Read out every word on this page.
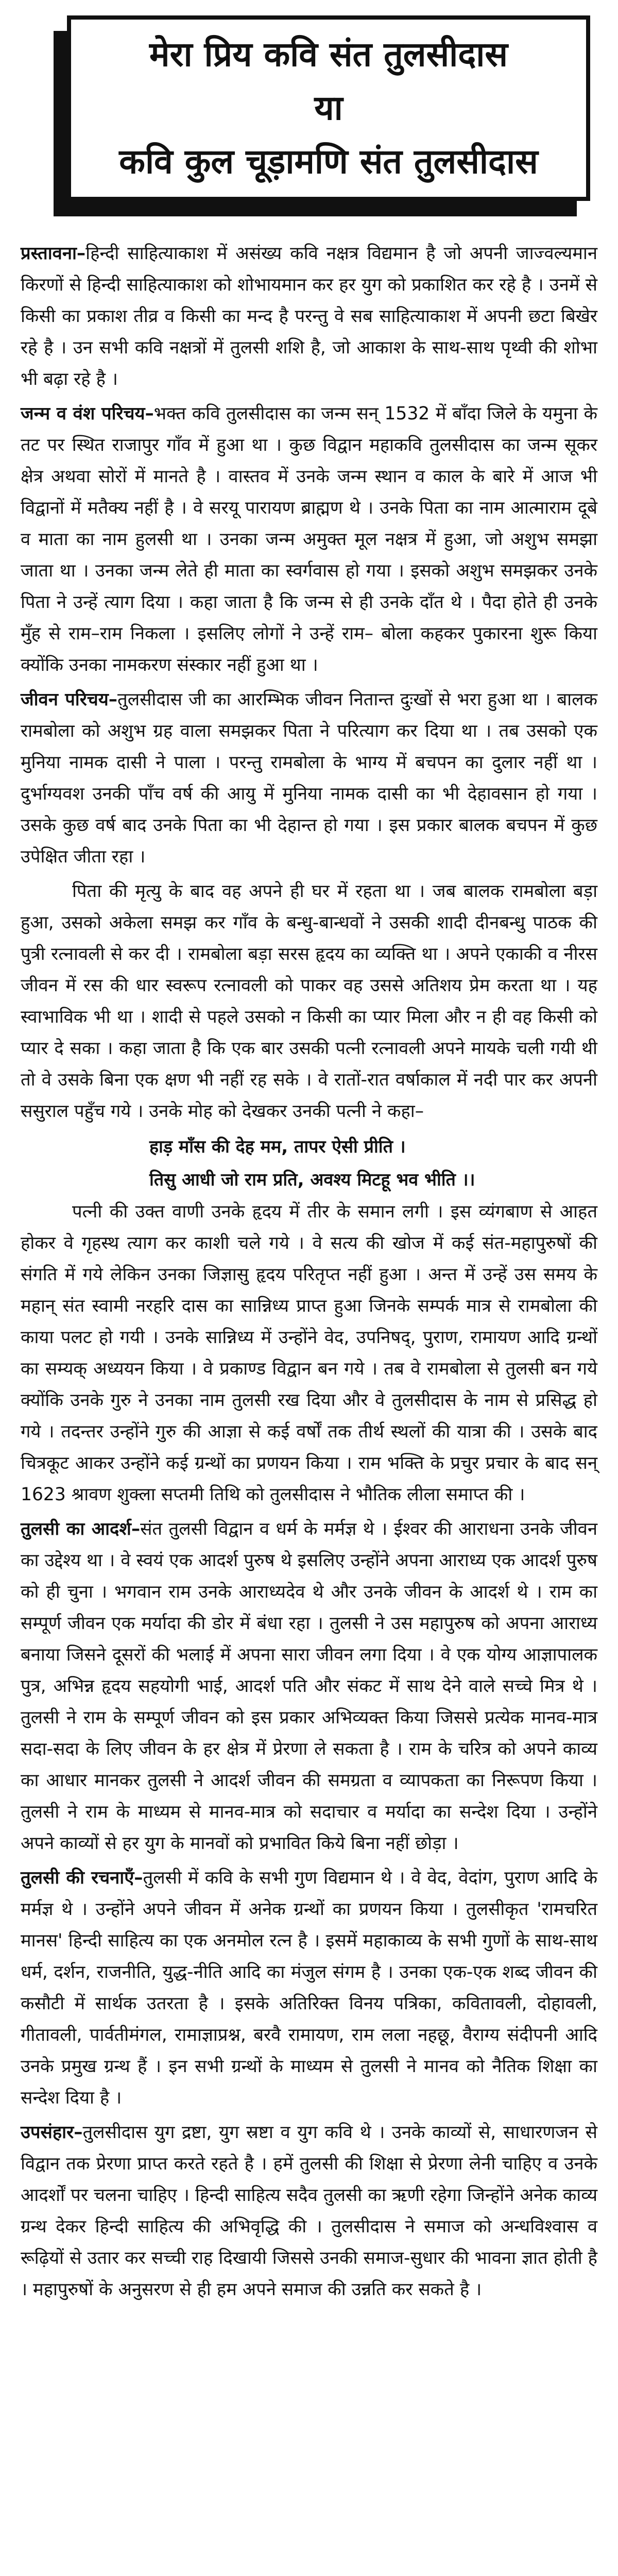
मेरा प्रिय कवि संत तुलसीदास
या
कवि कुल चूड़ामणि संत तुलसीदास

प्रस्तावना–हिन्दी साहित्याकाश में असंख्य कवि नक्षत्र विद्यमान है जो अपनी जाज्वल्यमान किरणों से हिन्दी साहित्याकाश को शोभायमान कर हर युग को प्रकाशित कर रहे है । उनमें से किसी का प्रकाश तीव्र व किसी का मन्द है परन्तु वे सब साहित्याकाश में अपनी छटा बिखेर रहे है । उन सभी कवि नक्षत्रों में तुलसी शशि है, जो आकाश के साथ-साथ पृथ्वी की शोभा भी बढ़ा रहे है ।

जन्म व वंश परिचय–भक्त कवि तुलसीदास का जन्म सन् 1532 में बाँदा जिले के यमुना के तट पर स्थित राजापुर गाँव में हुआ था । कुछ विद्वान महाकवि तुलसीदास का जन्म सूकर क्षेत्र अथवा सोरों में मानते है । वास्तव में उनके जन्म स्थान व काल के बारे में आज भी विद्वानों में मतैक्य नहीं है । वे सरयू पारायण ब्राह्मण थे । उनके पिता का नाम आत्माराम दूबे व माता का नाम हुलसी था । उनका जन्म अमुक्त मूल नक्षत्र में हुआ, जो अशुभ समझा जाता था । उनका जन्म लेते ही माता का स्वर्गवास हो गया । इसको अशुभ समझकर उनके पिता ने उन्हें त्याग दिया । कहा जाता है कि जन्म से ही उनके दाँत थे । पैदा होते ही उनके मुँह से राम–राम निकला । इसलिए लोगों ने उन्हें राम– बोला कहकर पुकारना शुरू किया क्योंकि उनका नामकरण संस्कार नहीं हुआ था ।

जीवन परिचय–तुलसीदास जी का आरम्भिक जीवन नितान्त दुःखों से भरा हुआ था । बालक रामबोला को अशुभ ग्रह वाला समझकर पिता ने परित्याग कर दिया था । तब उसको एक मुनिया नामक दासी ने पाला । परन्तु रामबोला के भाग्य में बचपन का दुलार नहीं था । दुर्भाग्यवश उनकी पाँच वर्ष की आयु में मुनिया नामक दासी का भी देहावसान हो गया । उसके कुछ वर्ष बाद उनके पिता का भी देहान्त हो गया । इस प्रकार बालक बचपन में कुछ उपेक्षित जीता रहा ।

पिता की मृत्यु के बाद वह अपने ही घर में रहता था । जब बालक रामबोला बड़ा हुआ, उसको अकेला समझ कर गाँव के बन्धु-बान्धवों ने उसकी शादी दीनबन्धु पाठक की पुत्री रत्नावली से कर दी । रामबोला बड़ा सरस हृदय का व्यक्ति था । अपने एकाकी व नीरस जीवन में रस की धार स्वरूप रत्नावली को पाकर वह उससे अतिशय प्रेम करता था । यह स्वाभाविक भी था । शादी से पहले उसको न किसी का प्यार मिला और न ही वह किसी को प्यार दे सका । कहा जाता है कि एक बार उसकी पत्नी रत्नावली अपने मायके चली गयी थी तो वे उसके बिना एक क्षण भी नहीं रह सके । वे रातों-रात वर्षाकाल में नदी पार कर अपनी ससुराल पहुँच गये । उनके मोह को देखकर उनकी पत्नी ने कहा–

हाड़ माँस की देह मम, तापर ऐसी प्रीति ।
तिसु आधी जो राम प्रति, अवश्य मिटहू भव भीति ।।

पत्नी की उक्त वाणी उनके हृदय में तीर के समान लगी । इस व्यंगबाण से आहत होकर वे गृहस्थ त्याग कर काशी चले गये । वे सत्य की खोज में कई संत-महापुरुषों की संगति में गये लेकिन उनका जिज्ञासु हृदय परितृप्त नहीं हुआ । अन्त में उन्हें उस समय के महान् संत स्वामी नरहरि दास का सान्निध्य प्राप्त हुआ जिनके सम्पर्क मात्र से रामबोला की काया पलट हो गयी । उनके सान्निध्य में उन्होंने वेद, उपनिषद्, पुराण, रामायण आदि ग्रन्थों का सम्यक् अध्ययन किया । वे प्रकाण्ड विद्वान बन गये । तब वे रामबोला से तुलसी बन गये क्योंकि उनके गुरु ने उनका नाम तुलसी रख दिया और वे तुलसीदास के नाम से प्रसिद्ध हो गये । तदन्तर उन्होंने गुरु की आज्ञा से कई वर्षों तक तीर्थ स्थलों की यात्रा की । उसके बाद चित्रकूट आकर उन्होंने कई ग्रन्थों का प्रणयन किया । राम भक्ति के प्रचुर प्रचार के बाद सन् 1623 श्रावण शुक्ला सप्तमी तिथि को तुलसीदास ने भौतिक लीला समाप्त की ।

तुलसी का आदर्श–संत तुलसी विद्वान व धर्म के मर्मज्ञ थे । ईश्वर की आराधना उनके जीवन का उद्देश्य था । वे स्वयं एक आदर्श पुरुष थे इसलिए उन्होंने अपना आराध्य एक आदर्श पुरुष को ही चुना । भगवान राम उनके आराध्यदेव थे और उनके जीवन के आदर्श थे । राम का सम्पूर्ण जीवन एक मर्यादा की डोर में बंधा रहा । तुलसी ने उस महापुरुष को अपना आराध्य बनाया जिसने दूसरों की भलाई में अपना सारा जीवन लगा दिया । वे एक योग्य आज्ञापालक पुत्र, अभिन्न हृदय सहयोगी भाई, आदर्श पति और संकट में साथ देने वाले सच्चे मित्र थे । तुलसी ने राम के सम्पूर्ण जीवन को इस प्रकार अभिव्यक्त किया जिससे प्रत्येक मानव-मात्र सदा-सदा के लिए जीवन के हर क्षेत्र में प्रेरणा ले सकता है । राम के चरित्र को अपने काव्य का आधार मानकर तुलसी ने आदर्श जीवन की समग्रता व व्यापकता का निरूपण किया । तुलसी ने राम के माध्यम से मानव-मात्र को सदाचार व मर्यादा का सन्देश दिया । उन्होंने अपने काव्यों से हर युग के मानवों को प्रभावित किये बिना नहीं छोड़ा ।

तुलसी की रचनाएँ–तुलसी में कवि के सभी गुण विद्यमान थे । वे वेद, वेदांग, पुराण आदि के मर्मज्ञ थे । उन्होंने अपने जीवन में अनेक ग्रन्थों का प्रणयन किया । तुलसीकृत 'रामचरित मानस' हिन्दी साहित्य का एक अनमोल रत्न है । इसमें महाकाव्य के सभी गुणों के साथ-साथ धर्म, दर्शन, राजनीति, युद्ध-नीति आदि का मंजुल संगम है । उनका एक-एक शब्द जीवन की कसौटी में सार्थक उतरता है । इसके अतिरिक्त विनय पत्रिका, कवितावली, दोहावली, गीतावली, पार्वतीमंगल, रामाज्ञाप्रश्न, बरवै रामायण, राम लला नहछू, वैराग्य संदीपनी आदि उनके प्रमुख ग्रन्थ हैं । इन सभी ग्रन्थों के माध्यम से तुलसी ने मानव को नैतिक शिक्षा का सन्देश दिया है ।

उपसंहार–तुलसीदास युग द्रष्टा, युग स्रष्टा व युग कवि थे । उनके काव्यों से, साधारणजन से विद्वान तक प्रेरणा प्राप्त करते रहते है । हमें तुलसी की शिक्षा से प्रेरणा लेनी चाहिए व उनके आदर्शों पर चलना चाहिए । हिन्दी साहित्य सदैव तुलसी का ऋणी रहेगा जिन्होंने अनेक काव्य ग्रन्थ देकर हिन्दी साहित्य की अभिवृद्धि की । तुलसीदास ने समाज को अन्धविश्वास व रूढ़ियों से उतार कर सच्ची राह दिखायी जिससे उनकी समाज-सुधार की भावना ज्ञात होती है । महापुरुषों के अनुसरण से ही हम अपने समाज की उन्नति कर सकते है ।
